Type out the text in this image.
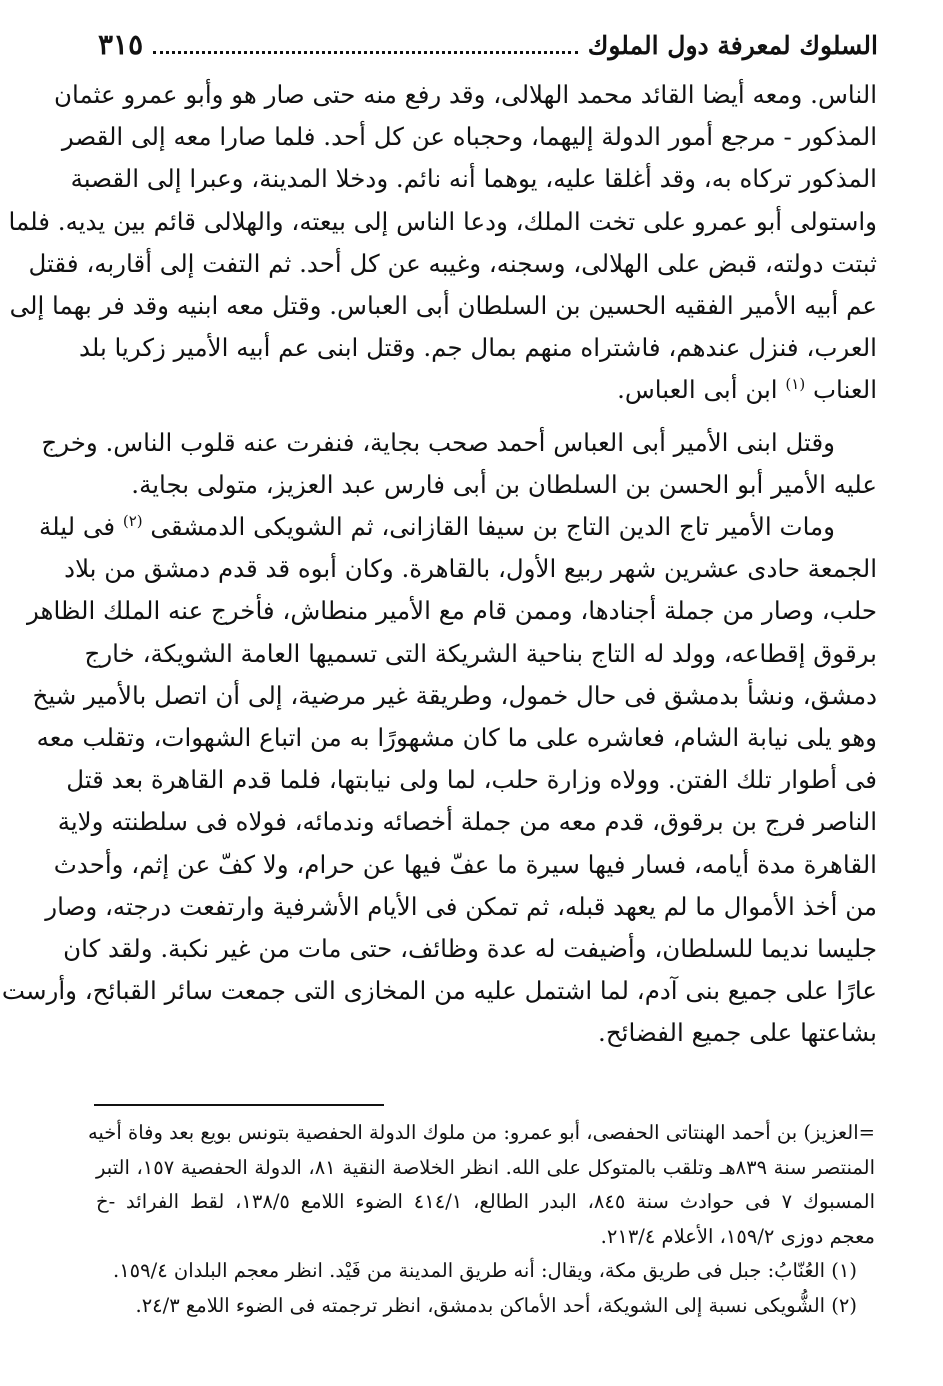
السلوك لمعرفة دول الملوك
٣١٥
الناس. ومعه أيضا القائد محمد الهلالى، وقد رفع منه حتى صار هو وأبو عمرو عثمان
المذكور - مرجع أمور الدولة إليهما، وحجباه عن كل أحد. فلما صارا معه إلى القصر
المذكور تركاه به، وقد أغلقا عليه، يوهما أنه نائم. ودخلا المدينة، وعبرا إلى القصبة
واستولى أبو عمرو على تخت الملك، ودعا الناس إلى بيعته، والهلالى قائم بين يديه. فلما
ثبتت دولته، قبض على الهلالى، وسجنه، وغيبه عن كل أحد. ثم التفت إلى أقاربه، فقتل
عم أبيه الأمير الفقيه الحسين بن السلطان أبى العباس. وقتل معه ابنيه وقد فر بهما إلى
العرب، فنزل عندهم، فاشتراه منهم بمال جم. وقتل ابنى عم أبيه الأمير زكريا بلد
العناب $^{(١)}$ ابن أبى العباس.
وقتل ابنى الأمير أبى العباس أحمد صحب بجاية، فنفرت عنه قلوب الناس. وخرج
عليه الأمير أبو الحسن بن السلطان بن أبى فارس عبد العزيز، متولى بجاية.
ومات الأمير تاج الدين التاج بن سيفا القازانى، ثم الشويكى الدمشقى $^{(٢)}$ فى ليلة
الجمعة حادى عشرين شهر ربيع الأول، بالقاهرة. وكان أبوه قد قدم دمشق من بلاد
حلب، وصار من جملة أجنادها، وممن قام مع الأمير منطاش، فأخرج عنه الملك الظاهر
برقوق إقطاعه، وولد له التاج بناحية الشريكة التى تسميها العامة الشويكة، خارج
دمشق، ونشأ بدمشق فى حال خمول، وطريقة غير مرضية، إلى أن اتصل بالأمير شيخ
وهو يلى نيابة الشام، فعاشره على ما كان مشهورًا به من اتباع الشهوات، وتقلب معه
فى أطوار تلك الفتن. وولاه وزارة حلب، لما ولى نيابتها، فلما قدم القاهرة بعد قتل
الناصر فرج بن برقوق، قدم معه من جملة أخصائه وندمائه، فولاه فى سلطنته ولاية
القاهرة مدة أيامه، فسار فيها سيرة ما عفّ فيها عن حرام، ولا كفّ عن إثم، وأحدث
من أخذ الأموال ما لم يعهد قبله، ثم تمكن فى الأيام الأشرفية وارتفعت درجته، وصار
جليسا نديما للسلطان، وأضيفت له عدة وظائف، حتى مات من غير نكبة. ولقد كان
عارًا على جميع بنى آدم، لما اشتمل عليه من المخازى التى جمعت سائر القبائح، وأرست
بشاعتها على جميع الفضائح.
=العزيز) بن أحمد الهنتاتى الحفصى، أبو عمرو: من ملوك الدولة الحفصية بتونس بويع بعد وفاة أخيه
المنتصر سنة ٨٣٩هـ وتلقب بالمتوكل على الله. انظر الخلاصة النقية ٨١، الدولة الحفصية ١٥٧، التبر
المسبوك ٧ فى حوادث سنة ٨٤٥، البدر الطالع، ٤١٤/١ الضوء اللامع ١٣٨/٥، لقط الفرائد -خ
معجم دوزى ١٥٩/٢، الأعلام ٢١٣/٤.
(١) العُنّابُ: جبل فى طريق مكة، ويقال: أنه طريق المدينة من فَيْد. انظر معجم البلدان ١٥٩/٤.
(٢) الشُّويكى نسبة إلى الشويكة، أحد الأماكن بدمشق، انظر ترجمته فى الضوء اللامع ٢٤/٣.
